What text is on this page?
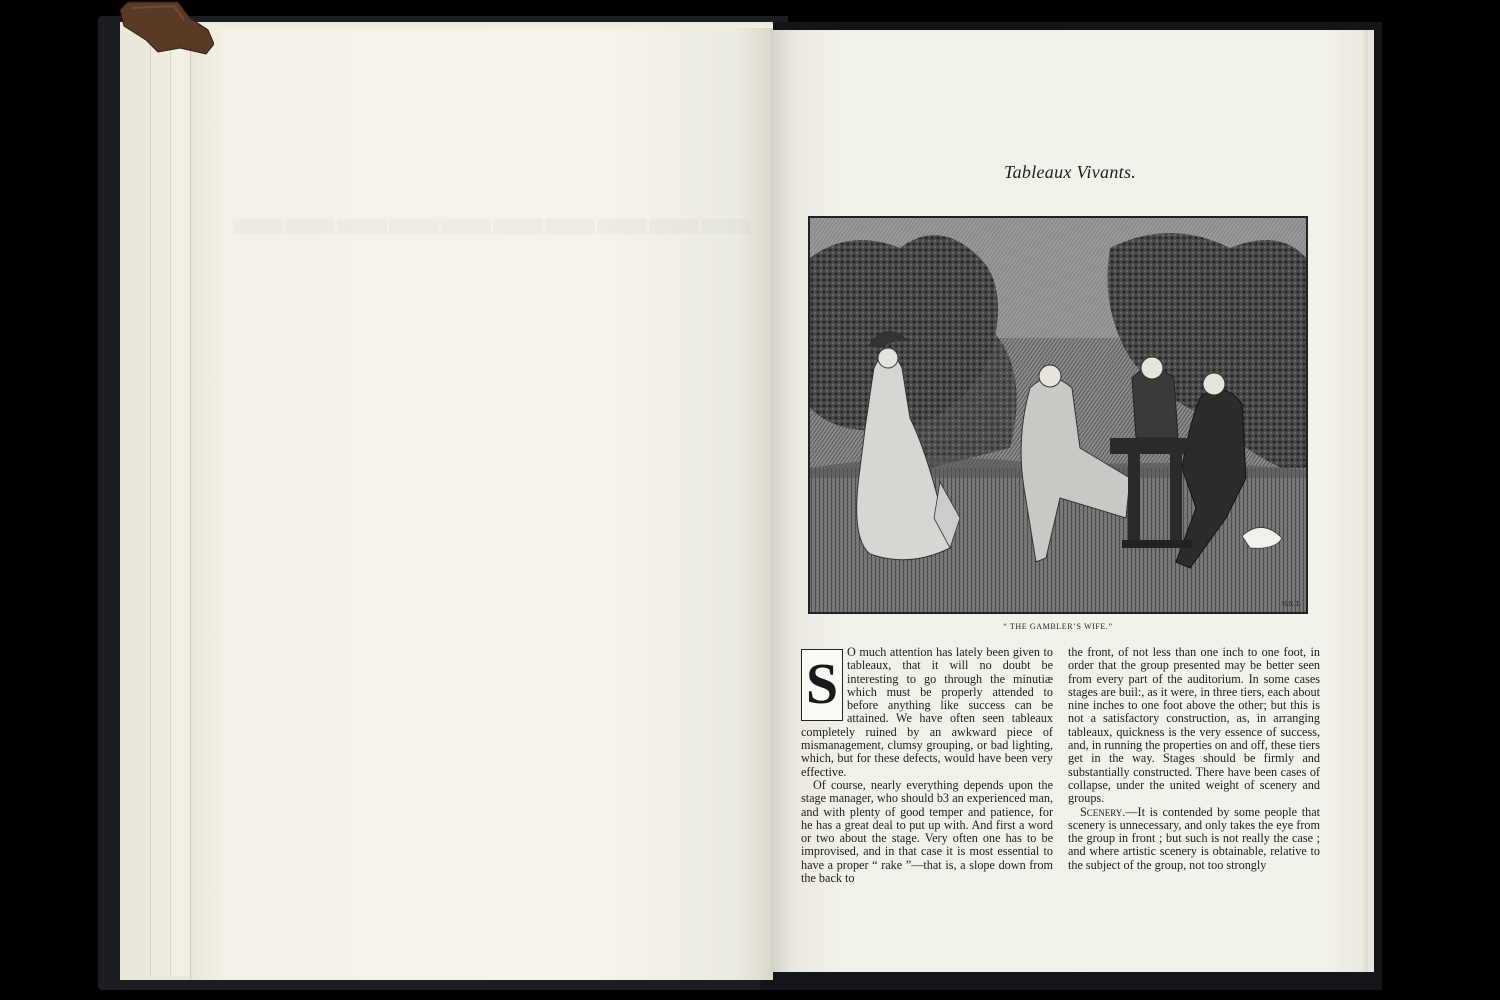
▬▬▬▬▬▬▬▬▬▬
Tableaux Vivants.
H.R.T.
“ THE GAMBLER’S WIFE.”

S O much attention has lately been given to tableaux, that it will no doubt be interesting to go through the minutiæ which must be properly attended to before anything like success can be attained. We have often seen tableaux completely ruined by an awkward piece of mismanagement, clumsy grouping, or bad lighting, which, but for these defects, would have been very effective.

Of course, nearly everything depends upon the stage manager, who should b3 an experienced man, and with plenty of good temper and patience, for he has a great deal to put up with. And first a word or two about the stage. Very often one has to be improvised, and in that case it is most essential to have a proper “ rake ”—that is, a slope down from the back to

the front, of not less than one inch to one foot, in order that the group presented may be better seen from every part of the auditorium. In some cases stages are buil:, as it were, in three tiers, each about nine inches to one foot above the other; but this is not a satisfactory construction, as, in arranging tableaux, quickness is the very essence of success, and, in running the properties on and off, these tiers get in the way. Stages should be firmly and substantially constructed. There have been cases of collapse, under the united weight of scenery and groups.

Scenery.—It is contended by some people that scenery is unnecessary, and only takes the eye from the group in front ; but such is not really the case ; and where artistic scenery is obtainable, relative to the subject of the group, not too strongly
